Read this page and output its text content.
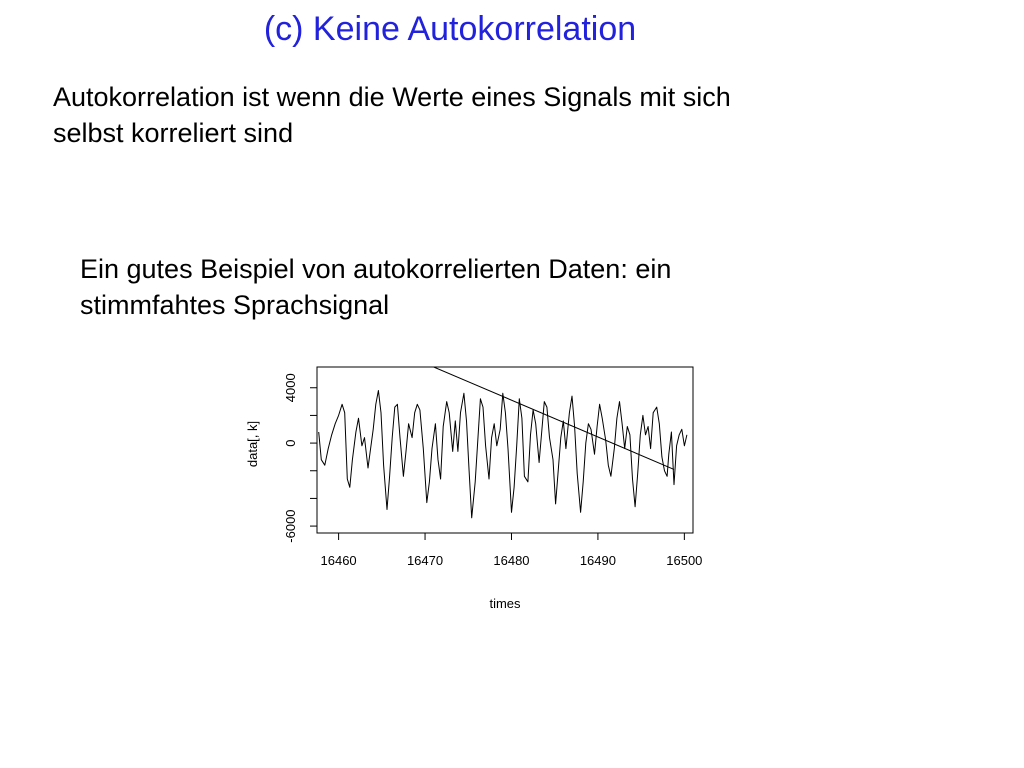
(c) Keine Autokorrelation
Autokorrelation ist wenn die Werte eines Signals mit sich
selbst korreliert sind
Ein gutes Beispiel von autokorrelierten Daten: ein
stimmfahtes Sprachsignal
16460	16470	16480	16490	16500
-6000
0
4000
times
data[, k]
